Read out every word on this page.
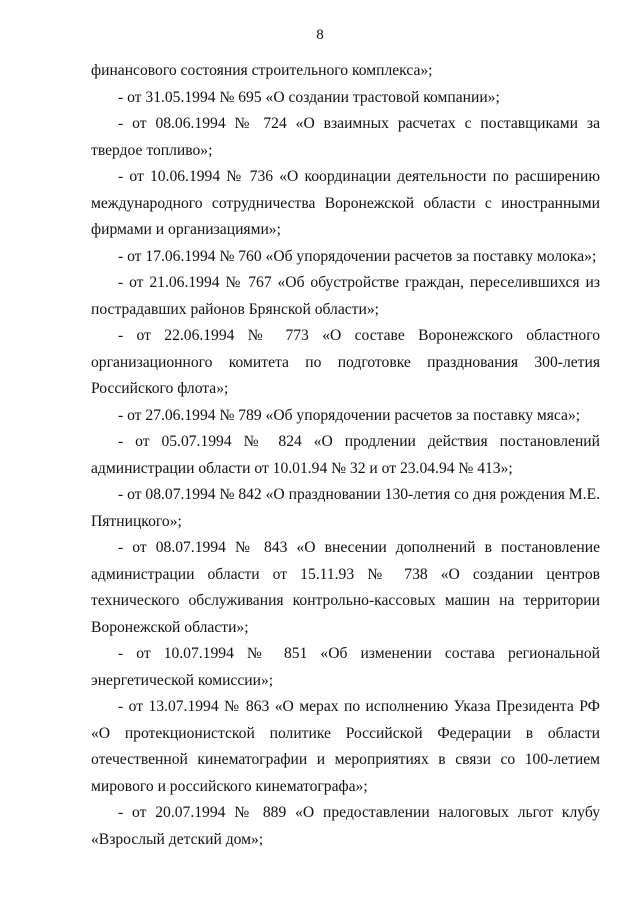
8

финансового состояния строительного комплекса»;

- от 31.05.1994 № 695 «О создании трастовой компании»;

- от 08.06.1994 № 724 «О взаимных расчетах с поставщиками за твердое топливо»;

- от 10.06.1994 № 736 «О координации деятельности по расширению международного сотрудничества Воронежской области с иностранными фирмами и организациями»;

- от 17.06.1994 № 760 «Об упорядочении расчетов за поставку молока»;

- от 21.06.1994 № 767 «Об обустройстве граждан, переселившихся из пострадавших районов Брянской области»;

- от 22.06.1994 № 773 «О составе Воронежского областного организационного комитета по подготовке празднования 300-летия Российского флота»;

- от 27.06.1994 № 789 «Об упорядочении расчетов за поставку мяса»;

- от 05.07.1994 № 824 «О продлении действия постановлений администрации области от 10.01.94 № 32 и от 23.04.94 № 413»;

- от 08.07.1994 № 842 «О праздновании 130-летия со дня рождения М.Е. Пятницкого»;

- от 08.07.1994 № 843 «О внесении дополнений в постановление администрации области от 15.11.93 № 738 «О создании центров технического обслуживания контрольно-кассовых машин на территории Воронежской области»;

- от 10.07.1994 № 851 «Об изменении состава региональной энергетической комиссии»;

- от 13.07.1994 № 863 «О мерах по исполнению Указа Президента РФ «О протекционистской политике Российской Федерации в области отечественной кинематографии и мероприятиях в связи со 100-летием мирового и российского кинематографа»;

- от 20.07.1994 № 889 «О предоставлении налоговых льгот клубу «Взрослый детский дом»;
